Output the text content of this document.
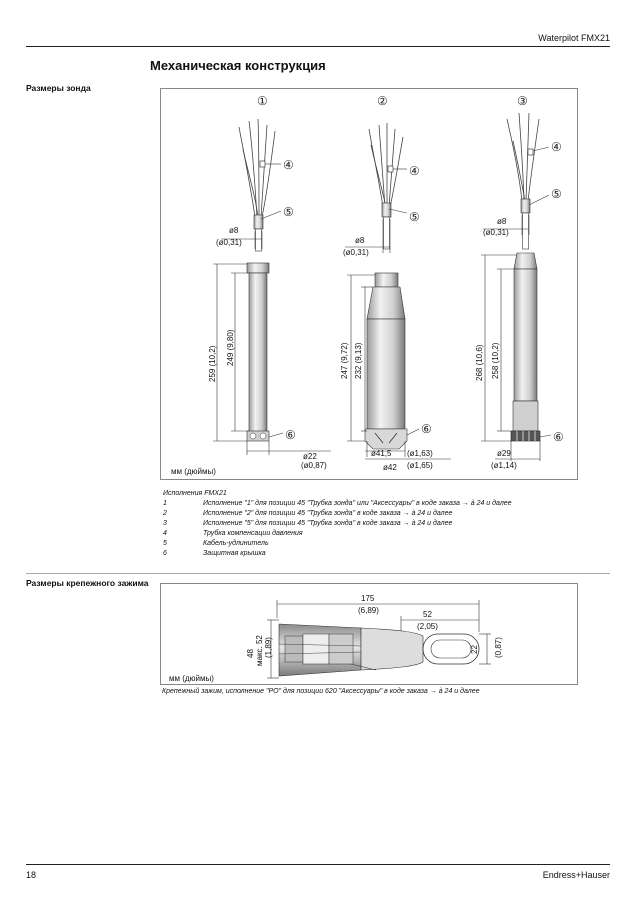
Waterpilot FMX21
Механическая конструкция
Размеры зонда
①	②	③
ø8
(ø0,31)
259 (10,2) 249 (9,80)
ø22
(ø0,87)
④
⑤
⑥
ø8
(ø0,31)
247 (9,72) 232 (9,13)
ø41,5 (ø1,63)
ø42 (ø1,65)
④
⑤
⑥
ø8
(ø0,31)
268 (10,6) 258 (10,2)
ø29
(ø1,14)
④
⑤
⑥
мм (дюймы)
Исполнения FMX21
1	Исполнение "1" для позиции 45 "Трубка зонда" или "Аксессуары" в коде заказа → à 24 и далее
2	Исполнение "2" для позиции 45 "Трубка зонда" в коде заказа → à 24 и далее
3	Исполнение "5" для позиции 45 "Трубка зонда" в коде заказа → à 24 и далее
4	Трубка компенсации давления
5	Кабель-удлинитель
6	Защитная крышка
Размеры крепежного зажима
175
(6,89)	52
(2,05)
48 макс. 52 (1,89)	22 (0,87)
мм (дюймы)
Крепежный зажим, исполнение "PO" для позиции 620 "Аксессуары" в коде заказа → à 24 и далее
18	Endress+Hauser
